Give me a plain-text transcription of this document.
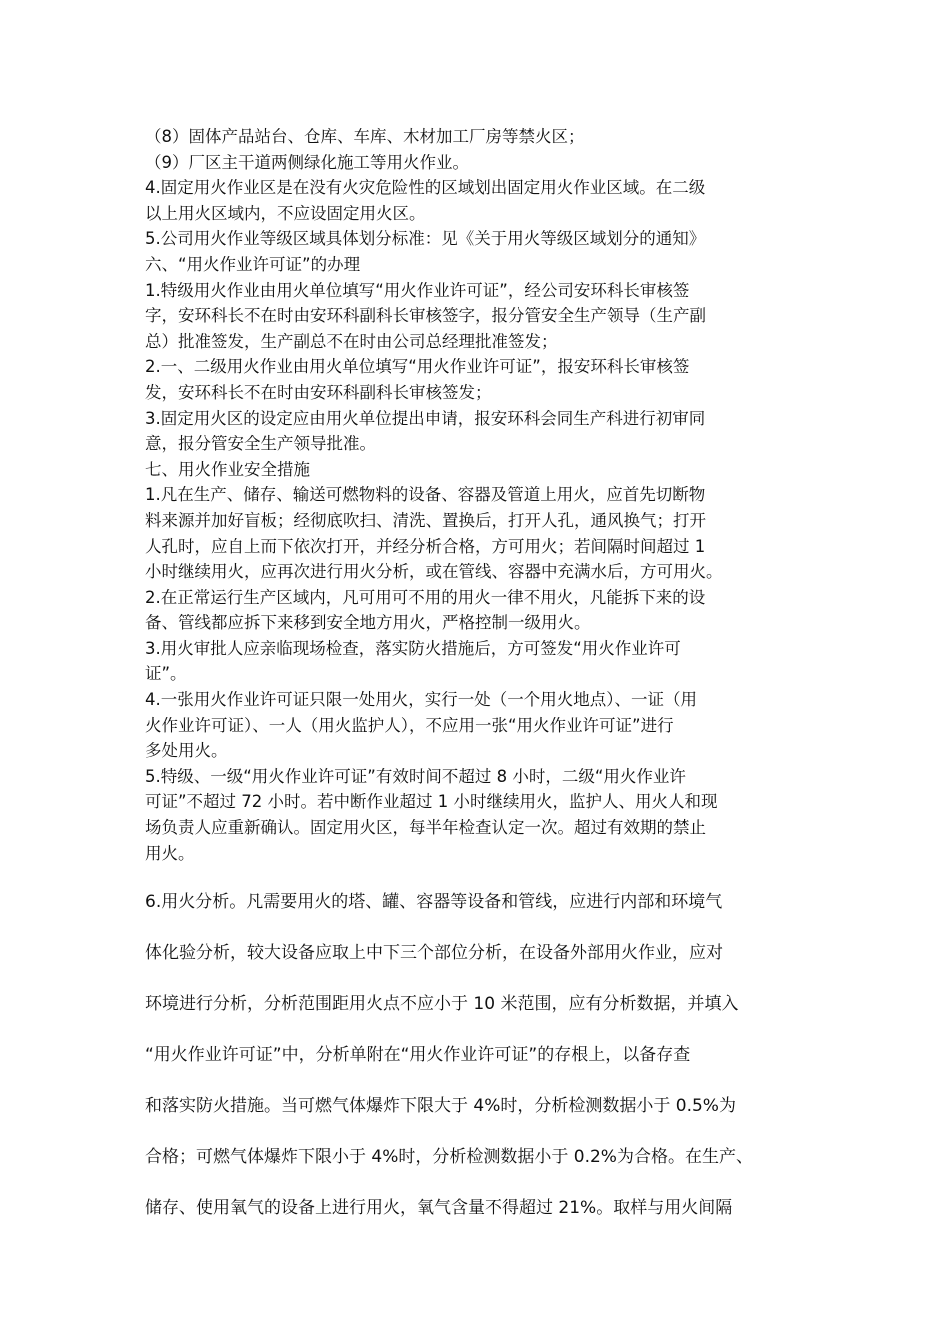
（8）固体产品站台、仓库、车库、木材加工厂房等禁火区；
（9）厂区主干道两侧绿化施工等用火作业。
4.固定用火作业区是在没有火灾危险性的区域划出固定用火作业区域。在二级
以上用火区域内，不应设固定用火区。
5.公司用火作业等级区域具体划分标准：见《关于用火等级区域划分的通知》
六、“用火作业许可证”的办理
1.特级用火作业由用火单位填写“用火作业许可证”，经公司安环科长审核签
字，安环科长不在时由安环科副科长审核签字，报分管安全生产领导（生产副
总）批准签发，生产副总不在时由公司总经理批准签发；
2.一、二级用火作业由用火单位填写“用火作业许可证”，报安环科长审核签
发，安环科长不在时由安环科副科长审核签发；
3.固定用火区的设定应由用火单位提出申请，报安环科会同生产科进行初审同
意，报分管安全生产领导批准。
七、用火作业安全措施
1.凡在生产、储存、输送可燃物料的设备、容器及管道上用火，应首先切断物
料来源并加好盲板；经彻底吹扫、清洗、置换后，打开人孔，通风换气；打开
人孔时，应自上而下依次打开，并经分析合格，方可用火；若间隔时间超过 1
小时继续用火，应再次进行用火分析，或在管线、容器中充满水后，方可用火。
2.在正常运行生产区域内，凡可用可不用的用火一律不用火，凡能拆下来的设
备、管线都应拆下来移到安全地方用火，严格控制一级用火。
3.用火审批人应亲临现场检查，落实防火措施后，方可签发“用火作业许可
证”。
4.一张用火作业许可证只限一处用火，实行一处（一个用火地点）、一证（用
火作业许可证）、一人（用火监护人），不应用一张“用火作业许可证”进行
多处用火。
5.特级、一级“用火作业许可证”有效时间不超过 8 小时，二级“用火作业许
可证”不超过 72 小时。若中断作业超过 1 小时继续用火，监护人、用火人和现
场负责人应重新确认。固定用火区，每半年检查认定一次。超过有效期的禁止
用火。
6.用火分析。凡需要用火的塔、罐、容器等设备和管线，应进行内部和环境气
体化验分析，较大设备应取上中下三个部位分析，在设备外部用火作业，应对
环境进行分析，分析范围距用火点不应小于 10 米范围，应有分析数据，并填入
“用火作业许可证”中，分析单附在“用火作业许可证”的存根上，以备存查
和落实防火措施。当可燃气体爆炸下限大于 4%时，分析检测数据小于 0.5%为
合格；可燃气体爆炸下限小于 4%时，分析检测数据小于 0.2%为合格。在生产、
储存、使用氧气的设备上进行用火，氧气含量不得超过 21%。取样与用火间隔
